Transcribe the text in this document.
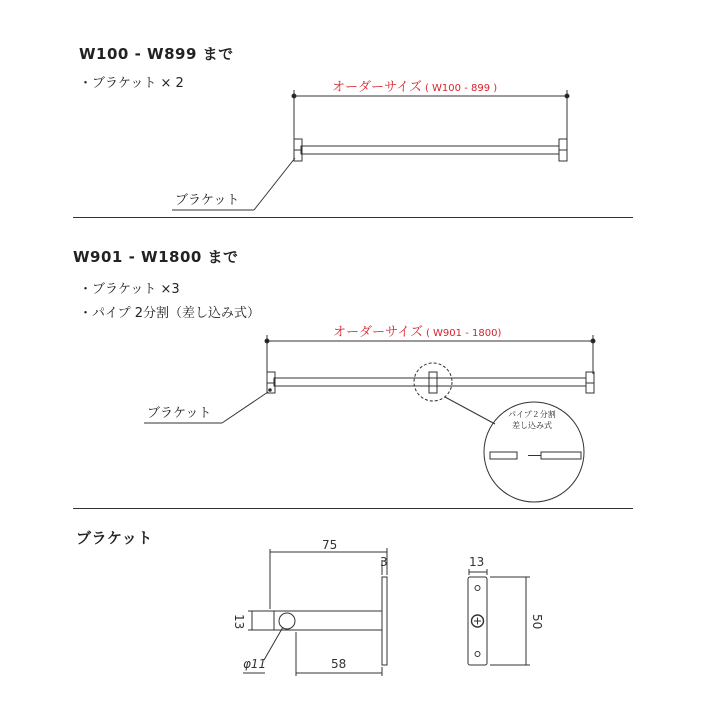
W100 - W899 まで
・ブラケット × 2
W901 - W1800 まで
・ブラケット ×3
・パイプ 2分割（差し込み式）
ブラケット
オーダーサイズ ( W100 - 899 )
ブラケット
オーダーサイズ ( W901 - 1800)
ブラケット	パイプ２分割
差し込み式
75
3
13
φ11	58
13
50
